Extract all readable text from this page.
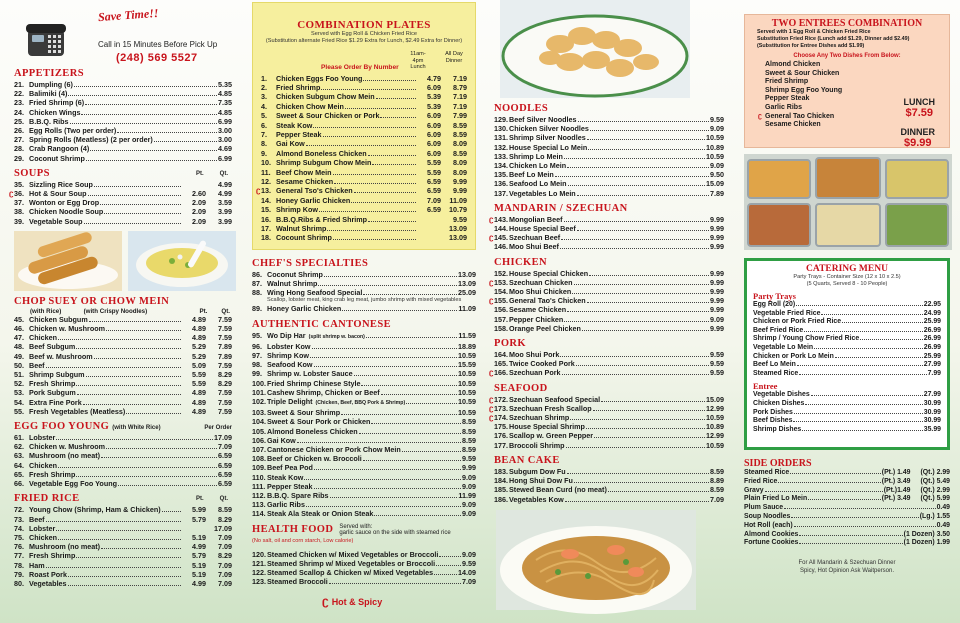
Save Time!!
Call in 15 Minutes Before Pick Up
(248) 569 5527
APPETIZERS
21. Dumpling (6)	5.35
22. Balimiki (4)	4.85
23. Fried Shrimp (6)	7.35
24. Chicken Wings	4.85
25. B.B.Q. Ribs	6.99
26. Egg Rolls (Two per order)	3.00
27. Spring Rolls (Meatless) (2 per order)	3.00
28. Crab Rangoon (4)	4.69
29. Coconut Shrimp	6.99
SOUPS	Pt.	Qt.
35. Sizzling Rice Soup	4.99
ʗ 36. Hot & Sour Soup	2.60	4.99
37. Wonton or Egg Drop	2.09	3.59
38. Chicken Noodle Soup	2.09	3.99
39. Vegetable Soup	2.09	3.99
CHOP SUEY OR CHOW MEIN
(with Rice)	(with Crispy Noodles)	Pt. Qt.
45. Chicken Subgum	4.89	7.59
46. Chicken w. Mushroom	4.89	7.59
47. Chicken	4.89	7.59
48. Beef Subgum	5.29	7.89
49. Beef w. Mushroom	5.29	7.89
50. Beef	5.09	7.59
51. Shrimp Subgum	5.59	8.29
52. Fresh Shrimp	5.59	8.29
53. Pork Subgum	4.89	7.59
54. Extra Fine Pork	4.89	7.59
55. Fresh Vegetables (Meatless)	4.89	7.59
EGG FOO YOUNG (with White Rice)	Per Order
61. Lobster	17.09
62. Chicken w. Mushroom	7.09
63. Mushroom (no meat)	6.59
64. Chicken	6.59
65. Fresh Shrimp	6.59
66. Vegetable Egg Foo Young	6.59
FRIED RICE	Pt.	Qt.
72. Young Chow (Shrimp, Ham & Chicken)	5.99	8.59
73. Beef	5.79	8.29
74. Lobster	17.09
75. Chicken	5.19	7.09
76. Mushroom (no meat)	4.99	7.09
77. Fresh Shrimp	5.79	8.29
78. Ham	5.19	7.09
79. Roast Pork	5.19	7.09
80. Vegetables	4.99	7.09
COMBINATION PLATES
Served with Egg Roll & Chicken Fried Rice
(Substitution alternate Fried Rice $1.29 Extra for Lunch, $2.49 Extra for Dinner)
Please Order By Number
11am-4pm Lunch
All Day Dinner
1.	Chicken Eggs Foo Young	4.79	7.19
2.	Fried Shrimp	6.09	8.79
3.	Chicken Subgum Chow Mein	5.39	7.19
4.	Chicken Chow Mein	5.39	7.19
5.	Sweet & Sour Chicken or Pork	6.09	7.99
6.	Steak Kow	6.09	8.59
7.	Pepper Steak	6.09	8.59
8.	Gai Kow	6.09	8.09
9.	Almond Boneless Chicken	6.09	8.59
10. Shrimp Subgum Chow Mein	5.59	8.09
11. Beef Chow Mein	5.59	8.09
12. Sesame Chicken	6.59	9.99
ʗ 13. General Tso's Chicken	6.59	9.99
14. Honey Garlic Chicken	7.09	11.09
15. Shrimp Kow	6.59	10.79
16. B.B.Q.Ribs & Fried Shrimp	9.59
17. Walnut Shrimp	13.09
18. Cocount Shrimp	13.09
CHEF'S SPECIALTIES
86. Coconut Shrimp	13.09
87. Walnut Shrimp	13.09
88. Wing Hong Seafood Special	25.09
Scallop, lobster meat, king crab leg meat, jumbo shrimp with mixed vegetables
89. Honey Garlic Chicken	11.09
AUTHENTIC CANTONESE
95. Wo Dip Har (split shrimp w. bacon)	11.59
96. Lobster Kow	18.89
97. Shrimp Kow	10.59
98. Seafood Kow	15.59
99. Shrimp w. Lobster Sauce	10.59
100. Fried Shrimp Chinese Style	10.59
101. Cashew Shrimp, Chicken or Beef	10.59
102. Triple Delight (Chicken, Beef, BBQ Pork & Shrimp)	10.59
103. Sweet & Sour Shrimp	10.59
104. Sweet & Sour Pork or Chicken	8.59
105. Almond Boneless Chicken	8.59
106. Gai Kow	8.59
107. Cantonese Chicken or Pork Chow Mein	8.59
108. Beef or Chicken w. Broccoli	9.59
109. Beef Pea Pod	9.99
110. Steak Kow	9.09
111. Pepper Steak	9.09
112. B.B.Q. Spare Ribs	11.99
113. Garlic Ribs	9.09
114. Steak Ala Steak or Onion Steak	9.09
HEALTH FOOD Served with:
garlic sauce on the side with steamed rice
(No salt, oil and corn starch, Low calorie)
120. Steamed Chicken w/ Mixed Vegetables or Broccoli	9.09
121. Steamed Shrimp w/ Mixed Vegetables or Broccoli	9.59
122. Steamed Scallop & Chicken w/ Mixed Vegetables	14.09
123. Steamed Broccoli	7.09
ʗ Hot & Spicy
NOODLES
129. Beef Silver Noodles	9.59
130. Chicken Silver Noodles	9.09
131. Shrimp Silver Noodles	10.59
132. House Special Lo Mein	10.89
133. Shrimp Lo Mein	10.59
134. Chicken Lo Mein	9.09
135. Beef Lo Mein	9.50
136. Seafood Lo Mein	15.09
137. Vegetables Lo Mein	7.89
MANDARIN / SZECHUAN
ʗ 143. Mongolian Beef	9.99
144. House Special Beef	9.99
ʗ 145. Szechuan Beef	9.99
146. Moo Shui Beef	9.99
CHICKEN
152. House Special Chicken	9.99
ʗ 153. Szechuan Chicken	9.99
154. Moo Shui Chicken	9.99
ʗ 155. General Tao's Chicken	9.99
156. Sesame Chicken	9.99
157. Pepper Chicken	9.09
158. Orange Peel Chicken	9.99
PORK
164. Moo Shui Pork	9.59
165. Twice Cooked Pork	9.59
ʗ 166. Szechuan Pork	9.59
SEAFOOD
ʗ 172. Szechuan Seafood Special	15.09
ʗ 173. Szechuan Fresh Scallop	12.99
ʗ 174. Szechuan Shrimp	10.59
175. House Special Shrimp	10.89
176. Scallop w. Green Pepper	12.99
177. Broccoli Shrimp	10.59
BEAN CAKE
183. Subgum Dow Fu	8.59
184. Hong Shui Dow Fu	8.89
185. Stewed Bean Curd (no meat)	8.59
186. Vegetables Kow	7.09
TWO ENTREES COMBINATION
Served with 1 Egg Roll & Chicken Fried Rice
Substitution Fried Rice (Lunch add $1.29, Dinner add $2.49)
(Substitution for Entree Dishes add $1.99)
Choose Any Two Dishes From Below:
Almond Chicken
Sweet & Sour Chicken
Fried Shrimp
Shrimp Egg Foo Young
Pepper Steak
Garlic Ribs
ʗ General Tao Chicken
Sesame Chicken
LUNCH
$7.59
DINNER
$9.99
CATERING MENU
Party Trays - Container Size (12 x 10 x 2.5)
(5 Quarts, Served 8 - 10 People)
Party Trays
Egg Roll (20)	22.95
Vegetable Fried Rice	24.99
Chicken or Pork Fried Rice	25.99
Beef Fried Rice	26.99
Shrimp / Young Chow Fried Rice	26.99
Vegetable Lo Mein	26.99
Chicken or Pork Lo Mein	25.99
Beef Lo Mein	27.99
Steamed Rice	7.99
Entree
Vegetable Dishes	27.99
Chicken Dishes	30.99
Pork Dishes	30.99
Beef Dishes	30.99
Shrimp Dishes	35.99
SIDE ORDERS
Steamed Rice	(Pt.) 1.49 (Qt.) 2.99
Fried Rice	(Pt.) 3.49 (Qt.) 5.49
Gravy	(Pt.)1.49 (Qt.) 2.99
Plain Fried Lo Mein	(Pt.) 3.49 (Qt.) 5.99
Plum Sauce	0.49
Soup Noodles	(Lg.) 1.55
Hot Roll (each)	0.49
Almond Cookies	(1 Dozen) 3.50
Fortune Cookies	(1 Dozen) 1.99
For All Mandarin & Szechuan Dinner
Spicy, Hot Opinion Ask Waitperson.
